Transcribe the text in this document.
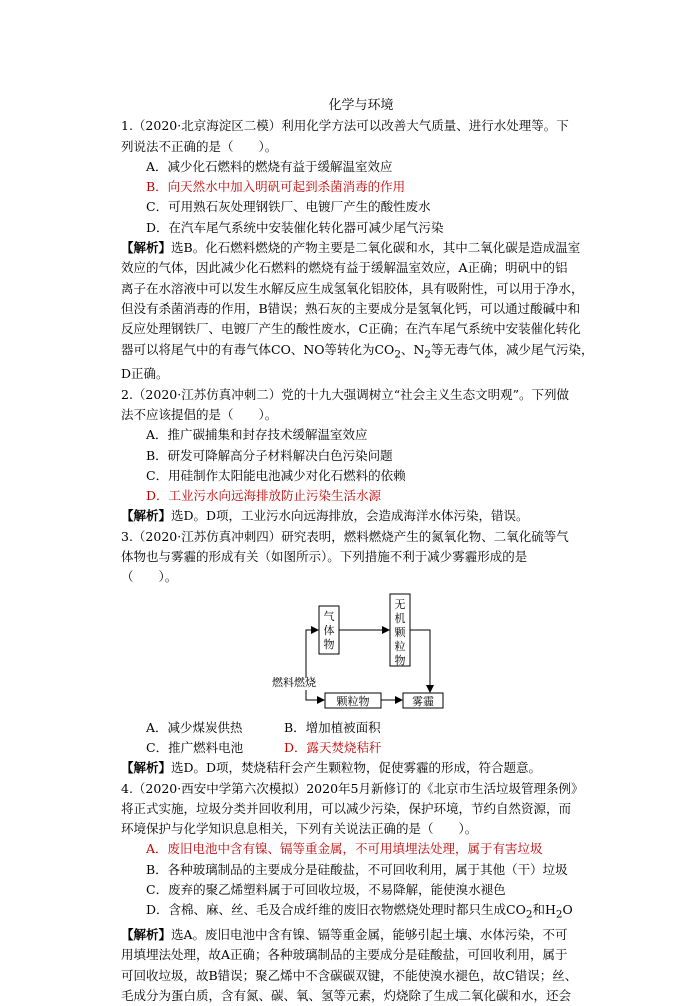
化学与环境

1.（2020·北京海淀区二模）利用化学方法可以改善大气质量、进行水处理等。下

列说法不正确的是（　　）。

A．减少化石燃料的燃烧有益于缓解温室效应

B．向天然水中加入明矾可起到杀菌消毒的作用

C．可用熟石灰处理钢铁厂、电镀厂产生的酸性废水

D．在汽车尾气系统中安装催化转化器可减少尾气污染

【解析】选B。化石燃料燃烧的产物主要是二氧化碳和水，其中二氧化碳是造成温室

效应的气体，因此减少化石燃料的燃烧有益于缓解温室效应，A正确；明矾中的铝

离子在水溶液中可以发生水解反应生成氢氧化铝胶体，具有吸附性，可以用于净水，

但没有杀菌消毒的作用，B错误；熟石灰的主要成分是氢氧化钙，可以通过酸碱中和

反应处理钢铁厂、电镀厂产生的酸性废水，C正确；在汽车尾气系统中安装催化转化

器可以将尾气中的有毒气体CO、NO等转化为$CO_2$、$N_2$等无毒气体，减少尾气污染，

D正确。

2.（2020·江苏仿真冲刺二）党的十九大强调树立“社会主义生态文明观”。下列做

法不应该提倡的是（　　）。

A．推广碳捕集和封存技术缓解温室效应

B．研发可降解高分子材料解决白色污染问题

C．用硅制作太阳能电池减少对化石燃料的依赖

D．工业污水向远海排放防止污染生活水源

【解析】选D。D项，工业污水向远海排放，会造成海洋水体污染，错误。

3.（2020·江苏仿真冲刺四）研究表明，燃料燃烧产生的氮氧化物、二氧化硫等气

体物也与雾霾的形成有关（如图所示）。下列措施不利于减少雾霾形成的是

（　　）。

气
体
物
无
机
颗
粒
物
燃料燃烧
颗粒物	雾霾
A．减少煤炭供热	B．增加植被面积
C．推广燃料电池	D．露天焚烧秸秆

【解析】选D。D项，焚烧秸秆会产生颗粒物，促使雾霾的形成，符合题意。

4.（2020·西安中学第六次模拟）2020年5月新修订的《北京市生活垃圾管理条例》

将正式实施，垃圾分类并回收利用，可以减少污染，保护环境，节约自然资源，而

环境保护与化学知识息息相关，下列有关说法正确的是（　　）。

A．废旧电池中含有镍、镉等重金属，不可用填埋法处理，属于有害垃圾

B．各种玻璃制品的主要成分是硅酸盐，不可回收利用，属于其他（干）垃圾

C．废弃的聚乙烯塑料属于可回收垃圾，不易降解，能使溴水褪色

D．含棉、麻、丝、毛及合成纤维的废旧衣物燃烧处理时都只生成$CO_2$和$H_2O$

【解析】选A。废旧电池中含有镍、镉等重金属，能够引起土壤、水体污染，不可

用填埋法处理，故A正确；各种玻璃制品的主要成分是硅酸盐，可回收利用，属于

可回收垃圾，故B错误；聚乙烯中不含碳碳双键，不能使溴水褪色，故C错误；丝、

毛成分为蛋白质，含有氮、碳、氧、氢等元素，灼烧除了生成二氧化碳和水，还会
